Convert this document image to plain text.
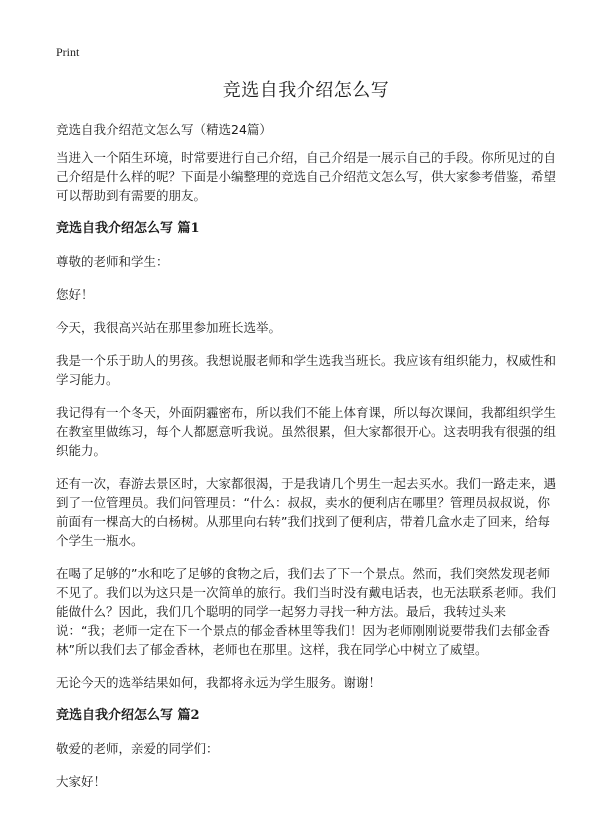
Print
竞选自我介绍怎么写

竞选自我介绍范文怎么写（精选24篇）

当进入一个陌生环境，时常要进行自己介绍，自己介绍是一展示自己的手段。你所见过的自己介绍是什么样的呢？下面是小编整理的竞选自己介绍范文怎么写，供大家参考借鉴，希望可以帮助到有需要的朋友。

竞选自我介绍怎么写 篇1

尊敬的老师和学生：

您好！

今天，我很高兴站在那里参加班长选举。

我是一个乐于助人的男孩。我想说服老师和学生选我当班长。我应该有组织能力，权威性和学习能力。

我记得有一个冬天，外面阴霾密布，所以我们不能上体育课，所以每次课间，我都组织学生在教室里做练习，每个人都愿意听我说。虽然很累，但大家都很开心。这表明我有很强的组织能力。

还有一次，春游去景区时，大家都很渴，于是我请几个男生一起去买水。我们一路走来，遇到了一位管理员。我们问管理员：“什么：叔叔，卖水的便利店在哪里？管理员叔叔说，你前面有一棵高大的白杨树。从那里向右转”我们找到了便利店，带着几盒水走了回来，给每个学生一瓶水。

在喝了足够的”水和吃了足够的食物之后，我们去了下一个景点。然而，我们突然发现老师不见了。我们以为这只是一次简单的旅行。我们当时没有戴电话表，也无法联系老师。我们能做什么？因此，我们几个聪明的同学一起努力寻找一种方法。最后，我转过头来说：“我；老师一定在下一个景点的郁金香林里等我们！因为老师刚刚说要带我们去郁金香林”所以我们去了郁金香林，老师也在那里。这样，我在同学心中树立了威望。

无论今天的选举结果如何，我都将永远为学生服务。谢谢！

竞选自我介绍怎么写 篇2

敬爱的老师，亲爱的同学们：

大家好！
